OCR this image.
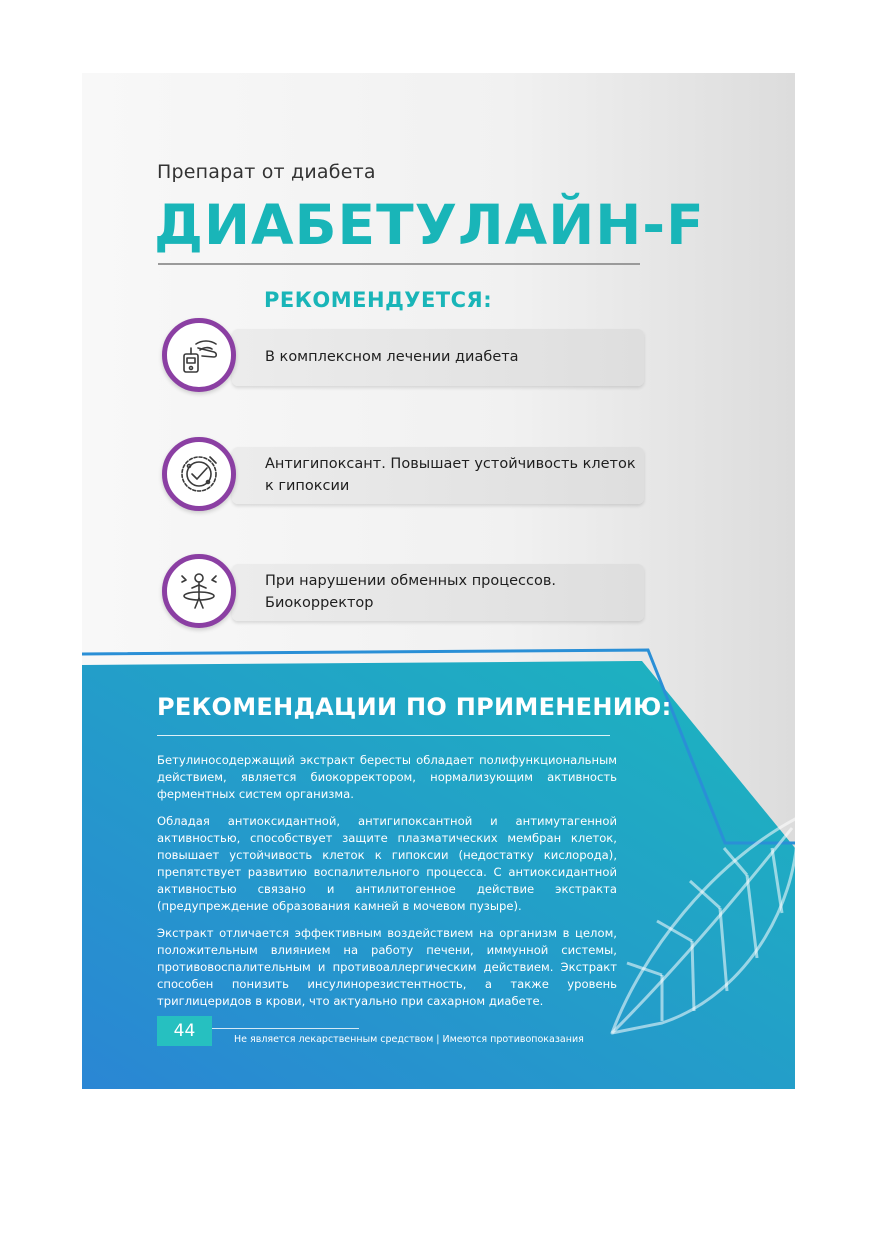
Препарат от диабета
ДИАБЕТУЛАЙН-F
РЕКОМЕНДУЕТСЯ:
В комплексном лечении диабета
Антигипоксант. Повышает устойчивость клеток к гипоксии
При нарушении обменных процессов. Биокорректор
РЕКОМЕНДАЦИИ ПО ПРИМЕНЕНИЮ:

Бетулиносодержащий экстракт бересты обладает полифункциональным действием, является биокорректором, нормализующим активность ферментных систем организма.

Обладая антиоксидантной, антигипоксантной и антимутагенной активностью, способствует защите плазматических мембран клеток, повышает устойчивость клеток к гипоксии (недостатку кислорода), препятствует развитию воспалительного процесса. С антиоксидантной активностью связано и антилитогенное действие экстракта (предупреждение образования камней в мочевом пузыре).

Экстракт отличается эффективным воздействием на организм в целом, положительным влиянием на работу печени, иммунной системы, противовоспалительным и противоаллергическим действием. Экстракт способен понизить инсулинорезистентность, а также уровень триглицеридов в крови, что актуально при сахарном диабете.

44	Не является лекарственным средством | Имеются противопоказания
